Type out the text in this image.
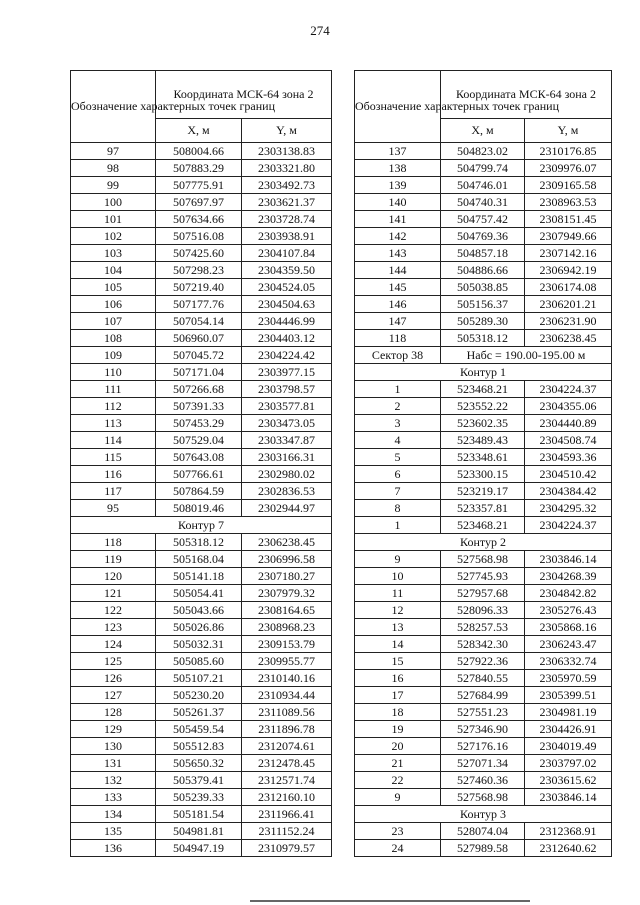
274
Обозначение характерных точек границ	Координата МСК-64 зона 2	
	X, м	Y, м
97	508004.66	2303138.83
98	507883.29	2303321.80
99	507775.91	2303492.73
100	507697.97	2303621.37
101	507634.66	2303728.74
102	507516.08	2303938.91
103	507425.60	2304107.84
104	507298.23	2304359.50
105	507219.40	2304524.05
106	507177.76	2304504.63
107	507054.14	2304446.99
108	506960.07	2304403.12
109	507045.72	2304224.42
110	507171.04	2303977.15
111	507266.68	2303798.57
112	507391.33	2303577.81
113	507453.29	2303473.05
114	507529.04	2303347.87
115	507643.08	2303166.31
116	507766.61	2302980.02
117	507864.59	2302836.53
95	508019.46	2302944.97
Контур 7		
118	505318.12	2306238.45
119	505168.04	2306996.58
120	505141.18	2307180.27
121	505054.41	2307979.32
122	505043.66	2308164.65
123	505026.86	2308968.23
124	505032.31	2309153.79
125	505085.60	2309955.77
126	505107.21	2310140.16
127	505230.20	2310934.44
128	505261.37	2311089.56
129	505459.54	2311896.78
130	505512.83	2312074.61
131	505650.32	2312478.45
132	505379.41	2312571.74
133	505239.33	2312160.10
134	505181.54	2311966.41
135	504981.81	2311152.24
136	504947.19	2310979.57
Обозначение характерных точек границ	Координата МСК-64 зона 2	
	X, м	Y, м
137	504823.02	2310176.85
138	504799.74	2309976.07
139	504746.01	2309165.58
140	504740.31	2308963.53
141	504757.42	2308151.45
142	504769.36	2307949.66
143	504857.18	2307142.16
144	504886.66	2306942.19
145	505038.85	2306174.08
146	505156.37	2306201.21
147	505289.30	2306231.90
118	505318.12	2306238.45
Сектор 38	Набс = 190.00-195.00 м	
Контур 1		
1	523468.21	2304224.37
2	523552.22	2304355.06
3	523602.35	2304440.89
4	523489.43	2304508.74
5	523348.61	2304593.36
6	523300.15	2304510.42
7	523219.17	2304384.42
8	523357.81	2304295.32
1	523468.21	2304224.37
Контур 2		
9	527568.98	2303846.14
10	527745.93	2304268.39
11	527957.68	2304842.82
12	528096.33	2305276.43
13	528257.53	2305868.16
14	528342.30	2306243.47
15	527922.36	2306332.74
16	527840.55	2305970.59
17	527684.99	2305399.51
18	527551.23	2304981.19
19	527346.90	2304426.91
20	527176.16	2304019.49
21	527071.34	2303797.02
22	527460.36	2303615.62
9	527568.98	2303846.14
Контур 3		
23	528074.04	2312368.91
24	527989.58	2312640.62
